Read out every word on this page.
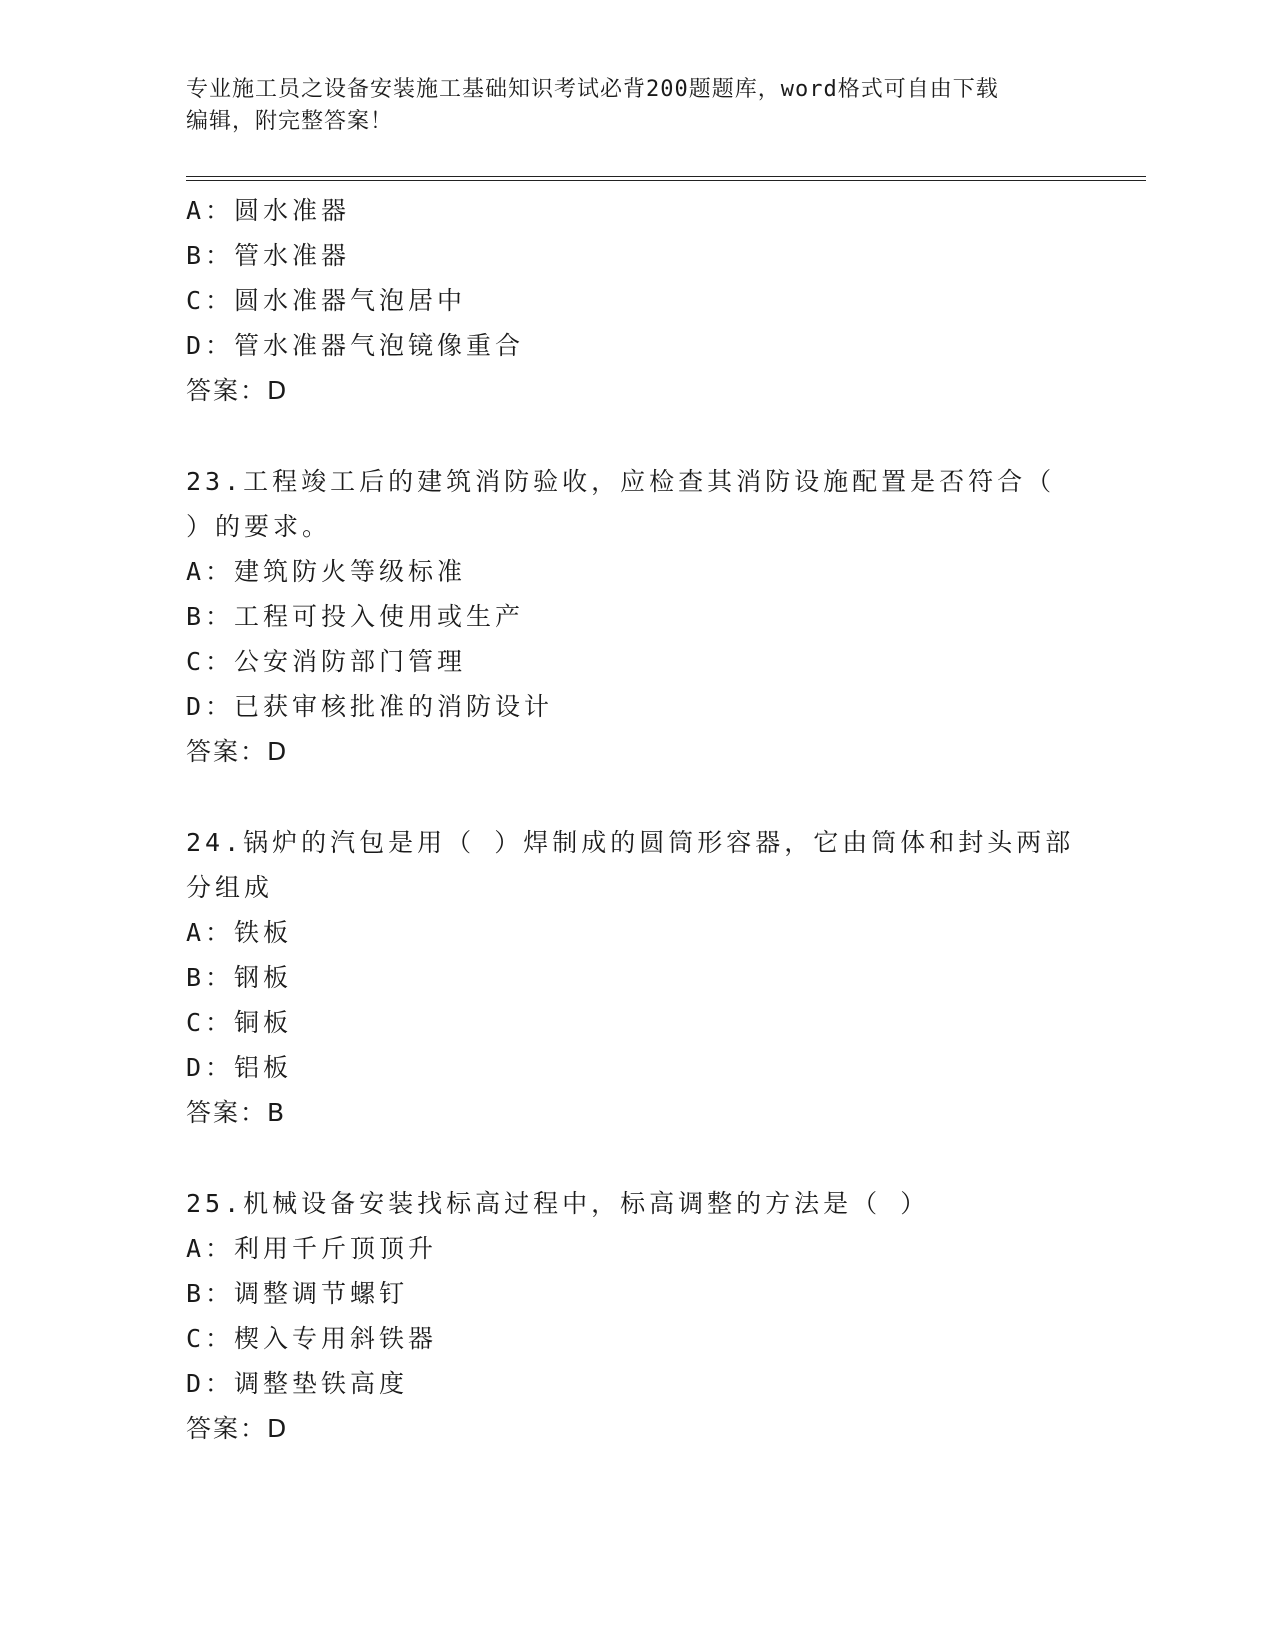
专业施工员之设备安装施工基础知识考试必背200题题库，word格式可自由下载
编辑，附完整答案！
A：圆水准器
B：管水准器
C：圆水准器气泡居中
D：管水准器气泡镜像重合
答案：D
23.工程竣工后的建筑消防验收，应检查其消防设施配置是否符合（
）的要求。
A：建筑防火等级标准
B：工程可投入使用或生产
C：公安消防部门管理
D：已获审核批准的消防设计
答案：D
24.锅炉的汽包是用（ ）焊制成的圆筒形容器，它由筒体和封头两部
分组成
A：铁板
B：钢板
C：铜板
D：铝板
答案：B
25.机械设备安装找标高过程中，标高调整的方法是（ ）
A：利用千斤顶顶升
B：调整调节螺钉
C：楔入专用斜铁器
D：调整垫铁高度
答案：D
